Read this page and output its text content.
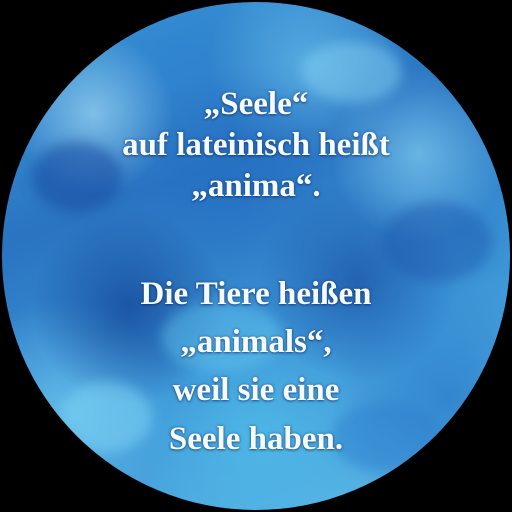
„Seele“
auf lateinisch heißt
„anima“.
Die Tiere heißen
„animals“,
weil sie eine
Seele haben.
